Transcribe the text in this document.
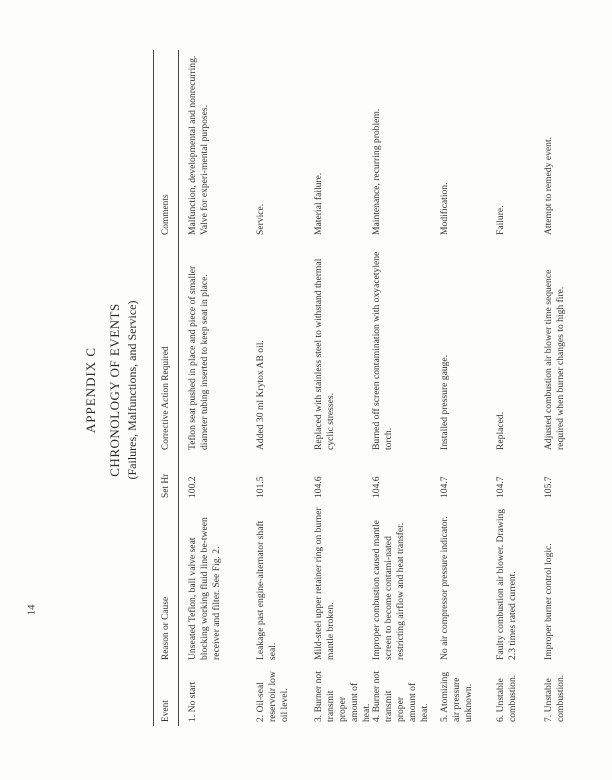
14
APPENDIX C CHRONOLOGY OF EVENTS (Failures, Malfunctions, and Service)
Event
Reason or Cause
Set Hr
Corrective Action Required
Comments
1. No start
Unseated Teflon, ball valve seat blocking working fluid line be-tween receiver and filter. See Fig. 2.
100.2
Teflon seat pushed in place and piece of smaller diameter tubing inserted to keep seat in place.
Malfunction, developmental and nonrecurring. Valve for experi-mental purposes.
2. Oil-seal reservoir low oil level.
Leakage past engine-alternator shaft seal.
101.5
Added 30 ml Krytox AB oil.
Service.
3. Burner not transmit proper amount of heat.
Mild-steel upper retainer ring on burner mantle broken.
104.6
Replaced with stainless steel to withstand thermal cyclic stresses.
Material failure.
4. Burner not transmit proper amount of heat.
Improper combustion caused mantle screen to become contami-nated restricting airflow and heat transfer.
104.6
Burned off screen contamination with oxyacetylene torch.
Maintenance, recurring problem.
5. Atomizing air pressure unknown.
No air compressor pressure indicator.
104.7
Installed pressure gauge.
Modification.
6. Unstable combustion.
Faulty combustion air blower. Drawing 2.3 times rated current.
104.7
Replaced.
Failure.
7. Unstable combustion.
Improper burner control logic.
105.7
Adjusted combustion air blower time sequence required when burner changes to high fire.
Attempt to remedy event.
